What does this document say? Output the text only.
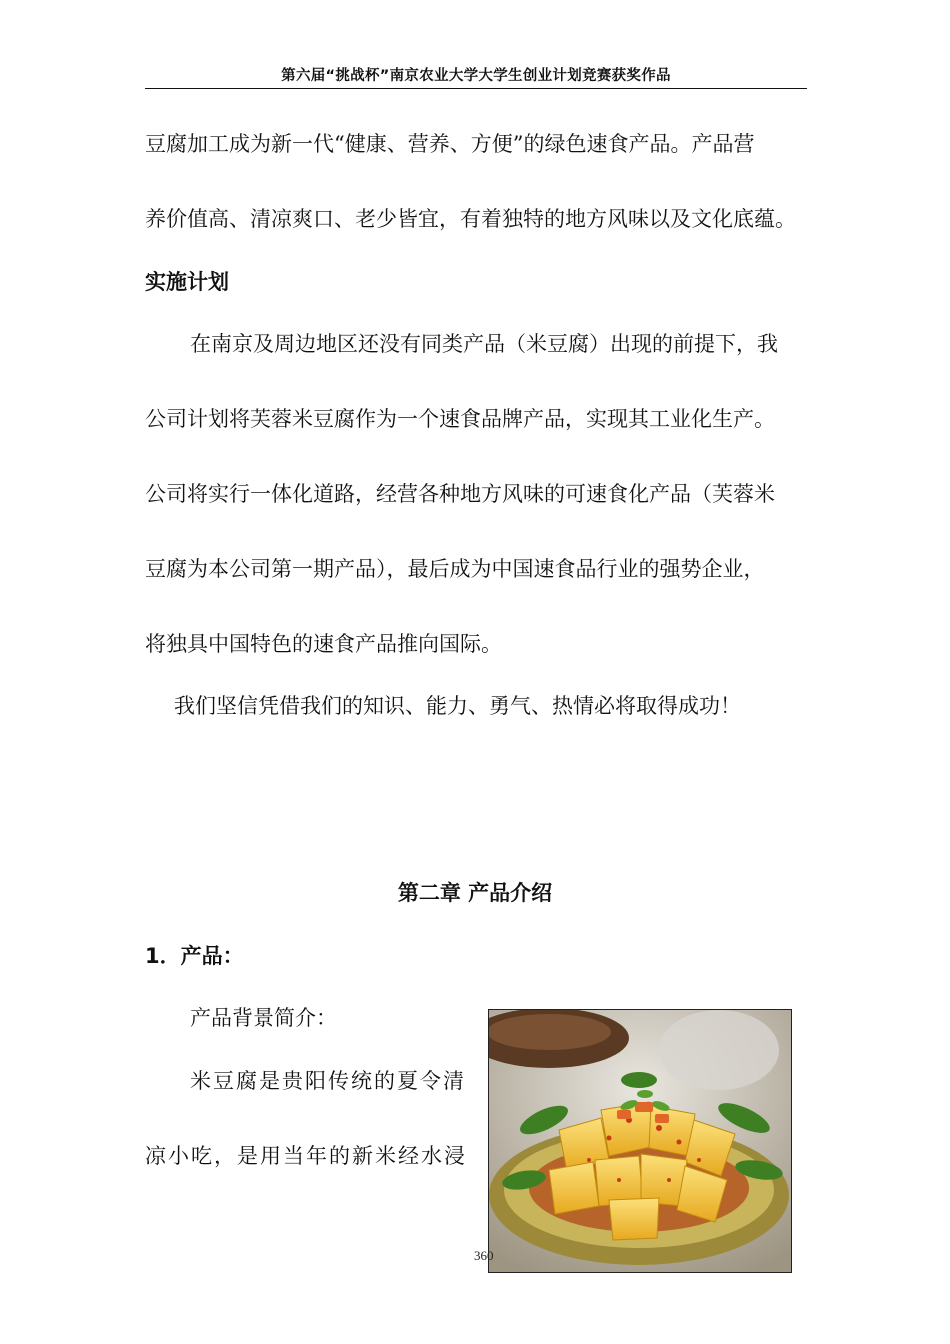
第六届“挑战杯”南京农业大学大学生创业计划竞赛获奖作品
豆腐加工成为新一代“健康、营养、方便”的绿色速食产品。产品营
养价值高、清凉爽口、老少皆宜，有着独特的地方风味以及文化底蕴。
实施计划
在南京及周边地区还没有同类产品（米豆腐）出现的前提下，我
公司计划将芙蓉米豆腐作为一个速食品牌产品，实现其工业化生产。
公司将实行一体化道路，经营各种地方风味的可速食化产品（芙蓉米
豆腐为本公司第一期产品），最后成为中国速食品行业的强势企业，
将独具中国特色的速食产品推向国际。
我们坚信凭借我们的知识、能力、勇气、热情必将取得成功！
第二章 产品介绍
1．产品：
产品背景简介：
米豆腐是贵阳传统的夏令清
凉小吃，是用当年的新米经水浸
360
